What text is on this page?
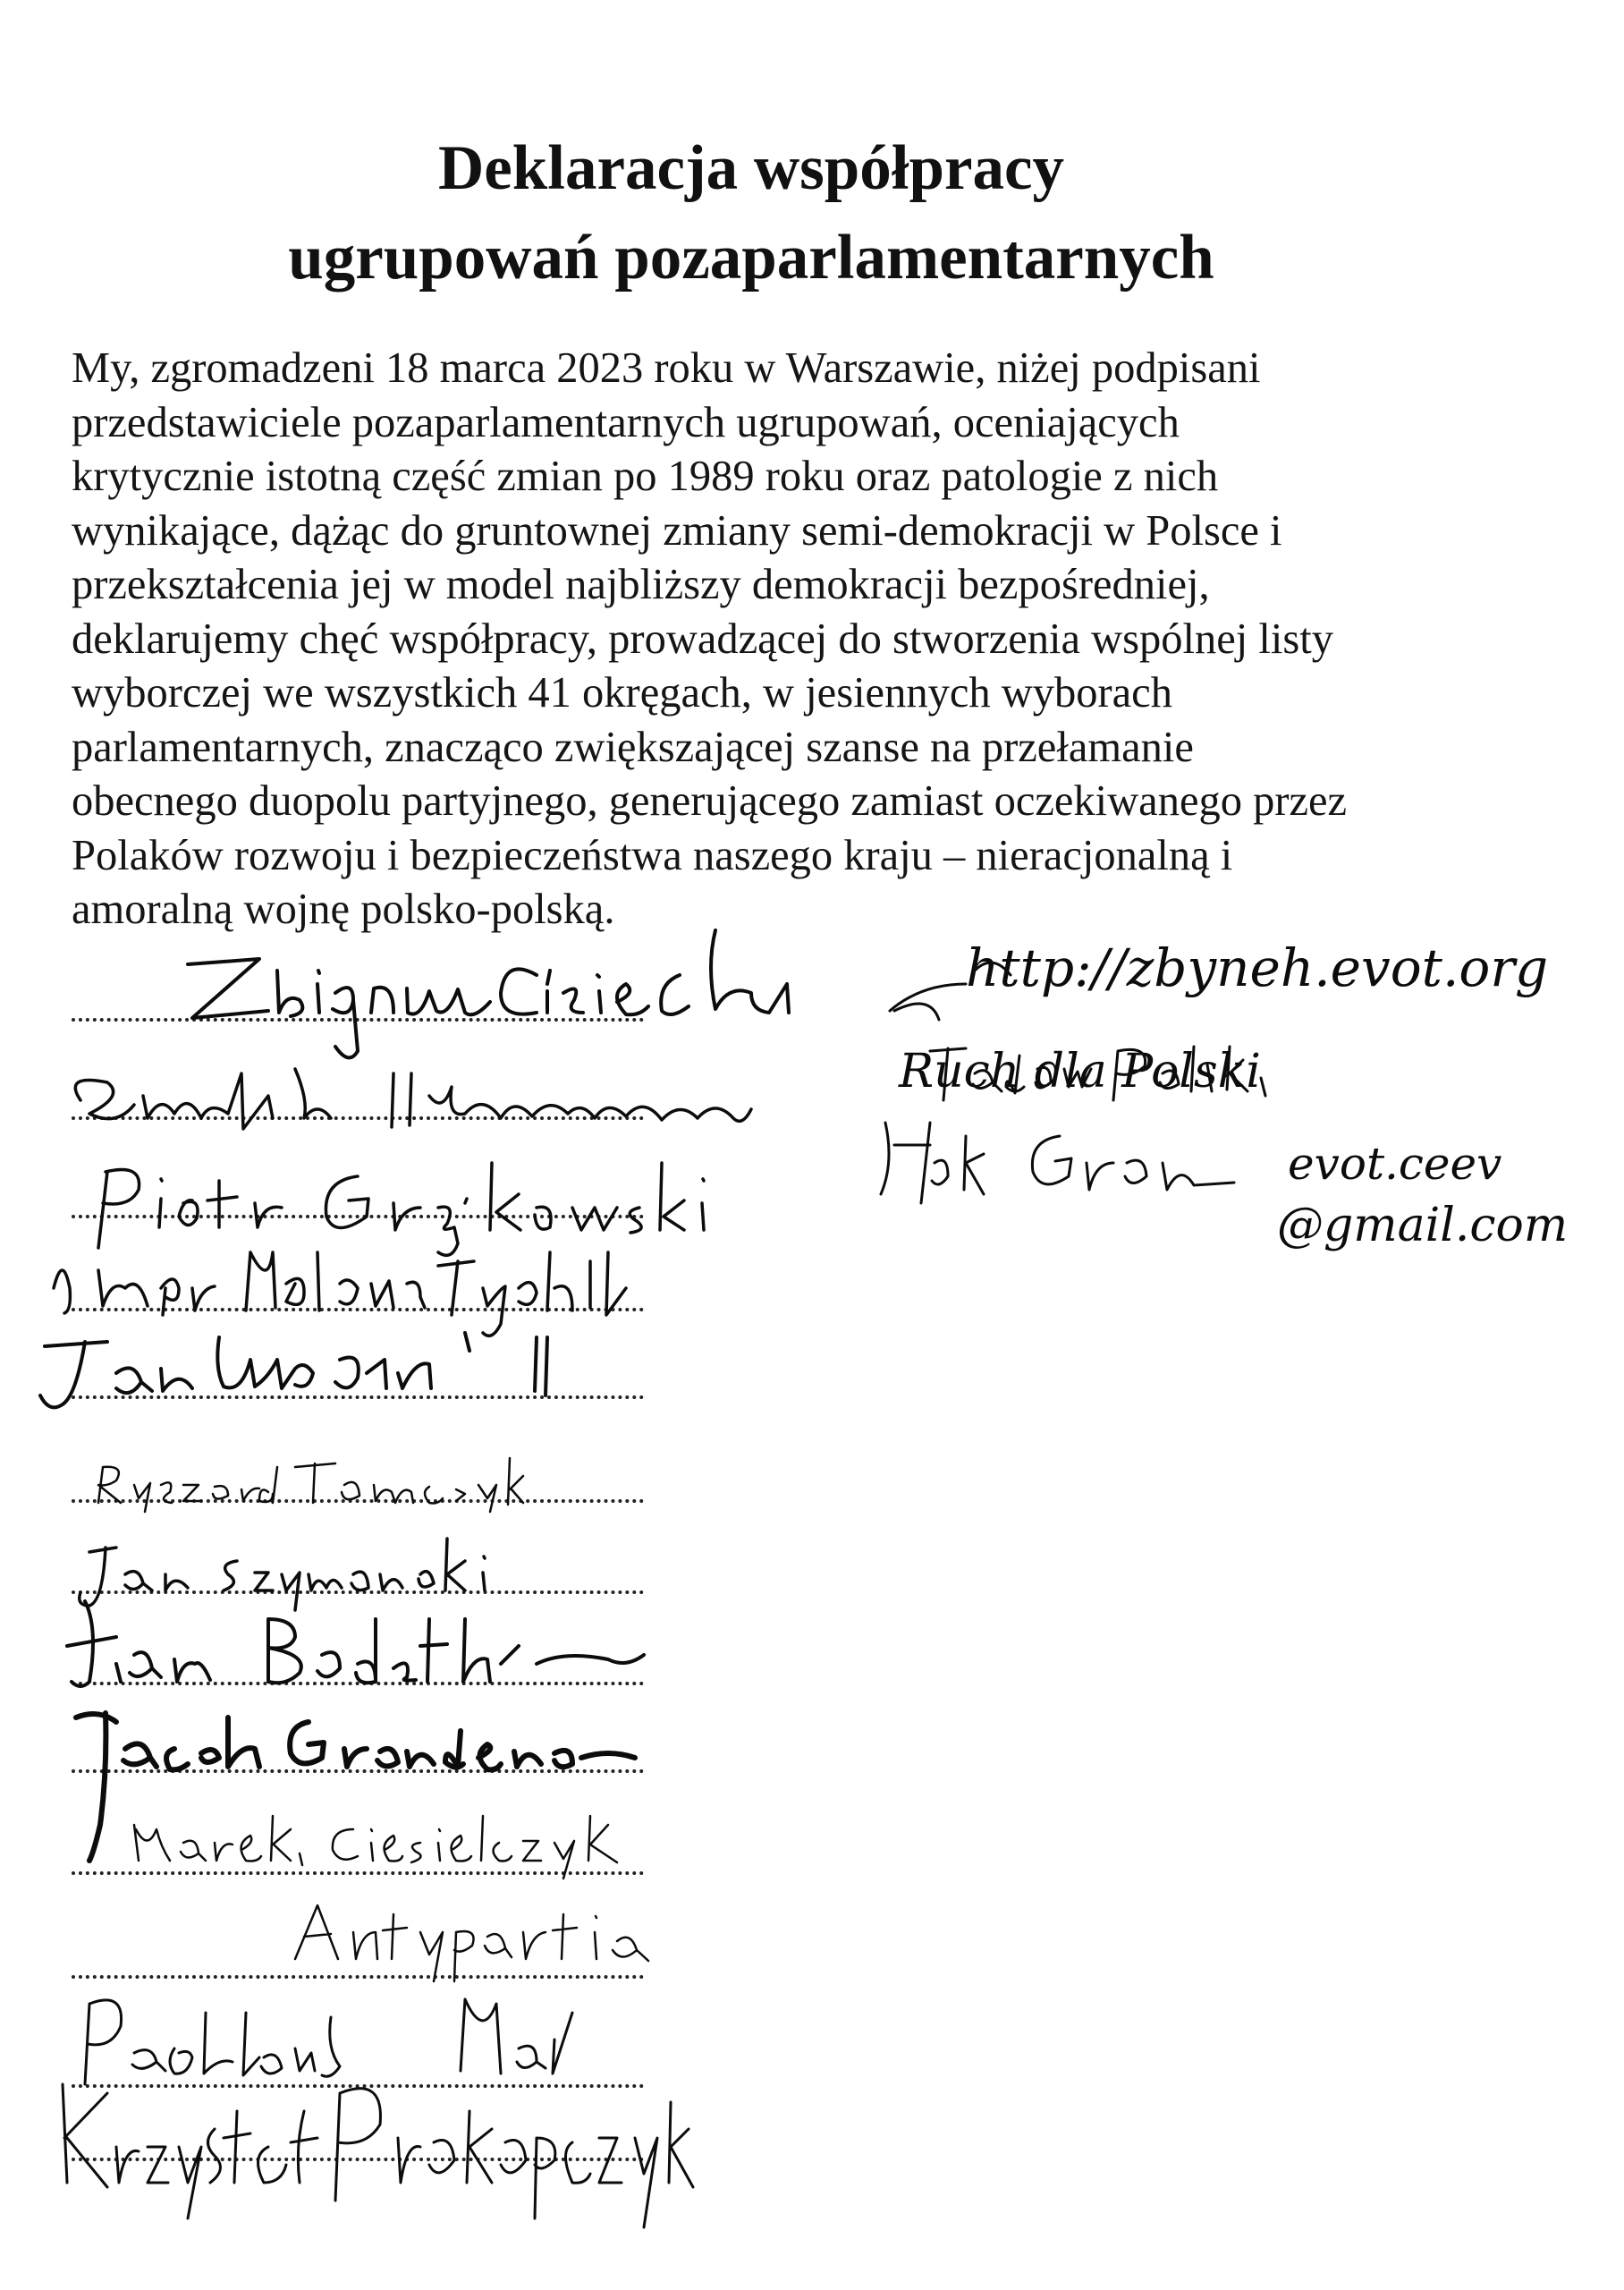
Deklaracja współpracy
ugrupowań pozaparlamentarnych
My, zgromadzeni 18 marca 2023 roku w Warszawie, niżej podpisani
przedstawiciele pozaparlamentarnych ugrupowań, oceniających
krytycznie istotną część zmian po 1989 roku oraz patologie z nich
wynikające, dążąc do gruntownej zmiany semi-demokracji w Polsce i
przekształcenia jej w model najbliższy demokracji bezpośredniej,
deklarujemy chęć współpracy, prowadzącej do stworzenia wspólnej listy
wyborczej we wszystkich 41 okręgach, w jesiennych wyborach
parlamentarnych, znacząco zwiększającej szanse na przełamanie
obecnego duopolu partyjnego, generującego zamiast oczekiwanego przez
Polaków rozwoju i bezpieczeństwa naszego kraju – nieracjonalną i
amoralną wojnę polsko-polską.
http://zbyneh.evot.org
Ruch dla Polski
evot.ceev
@gmail.com
